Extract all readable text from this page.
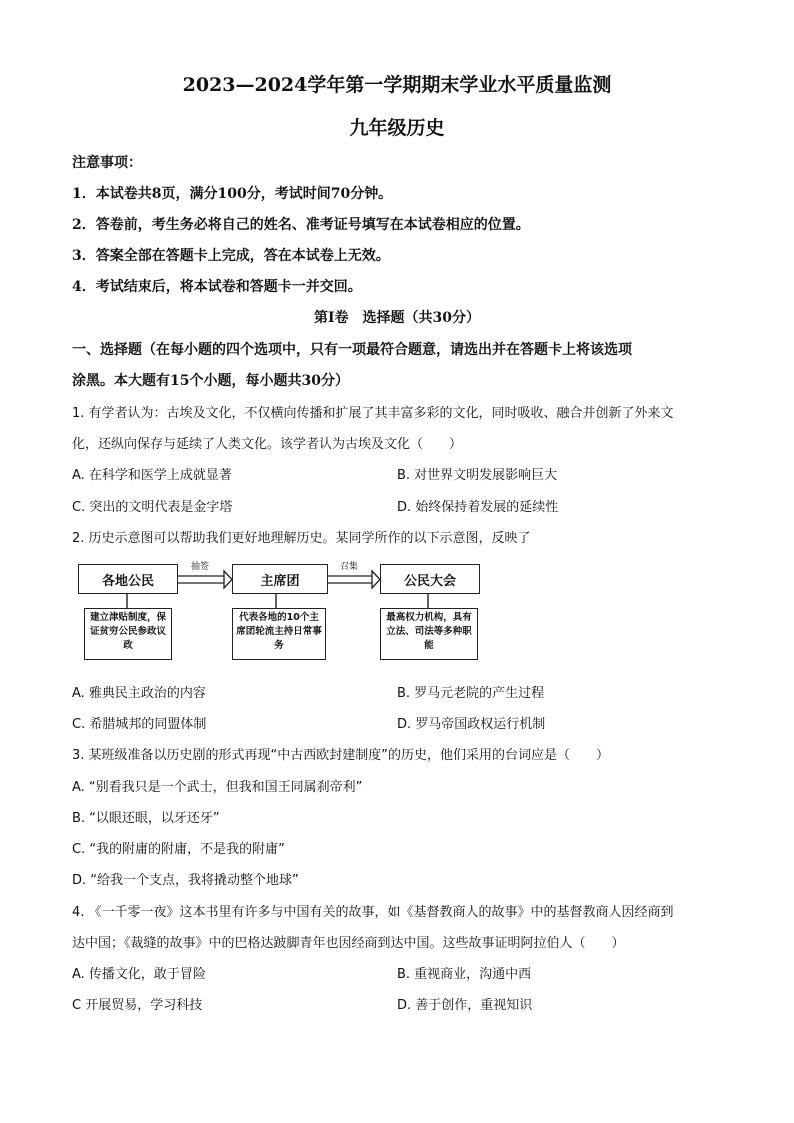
2023—2024学年第一学期期末学业水平质量监测
九年级历史
注意事项：
1．本试卷共8页，满分100分，考试时间70分钟。
2．答卷前，考生务必将自己的姓名、准考证号填写在本试卷相应的位置。
3．答案全部在答题卡上完成，答在本试卷上无效。
4．考试结束后，将本试卷和答题卡一并交回。
第Ⅰ卷　选择题（共30分）
一、选择题（在每小题的四个选项中，只有一项最符合题意，请选出并在答题卡上将该选项
涂黑。本大题有15个小题，每小题共30分）
1. 有学者认为：古埃及文化，不仅横向传播和扩展了其丰富多彩的文化，同时吸收、融合并创新了外来文
化，还纵向保存与延续了人类文化。该学者认为古埃及文化（　　）
A. 在科学和医学上成就显著	B. 对世界文明发展影响巨大
C. 突出的文明代表是金字塔	D. 始终保持着发展的延续性
2. 历史示意图可以帮助我们更好地理解历史。某同学所作的以下示意图，反映了
各地公民
抽签
主席团
召集
公民大会
建立津贴制度，保证贫穷公民参政议政
代表各地的10个主席团轮流主持日常事务
最高权力机构，具有立法、司法等多种职能
A. 雅典民主政治的内容	B. 罗马元老院的产生过程
C. 希腊城邦的同盟体制	D. 罗马帝国政权运行机制
3. 某班级准备以历史剧的形式再现“中古西欧封建制度”的历史，他们采用的台词应是（　　）
A. “别看我只是一个武士，但我和国王同属刹帝利”
B. “以眼还眼，以牙还牙”
C. “我的附庸的附庸，不是我的附庸”
D. “给我一个支点，我将撬动整个地球”
4. 《一千零一夜》这本书里有许多与中国有关的故事，如《基督教商人的故事》中的基督教商人因经商到
达中国；《裁缝的故事》中的巴格达跛脚青年也因经商到达中国。这些故事证明阿拉伯人（　　）
A. 传播文化，敢于冒险	B. 重视商业，沟通中西
C 开展贸易，学习科技	D. 善于创作，重视知识
